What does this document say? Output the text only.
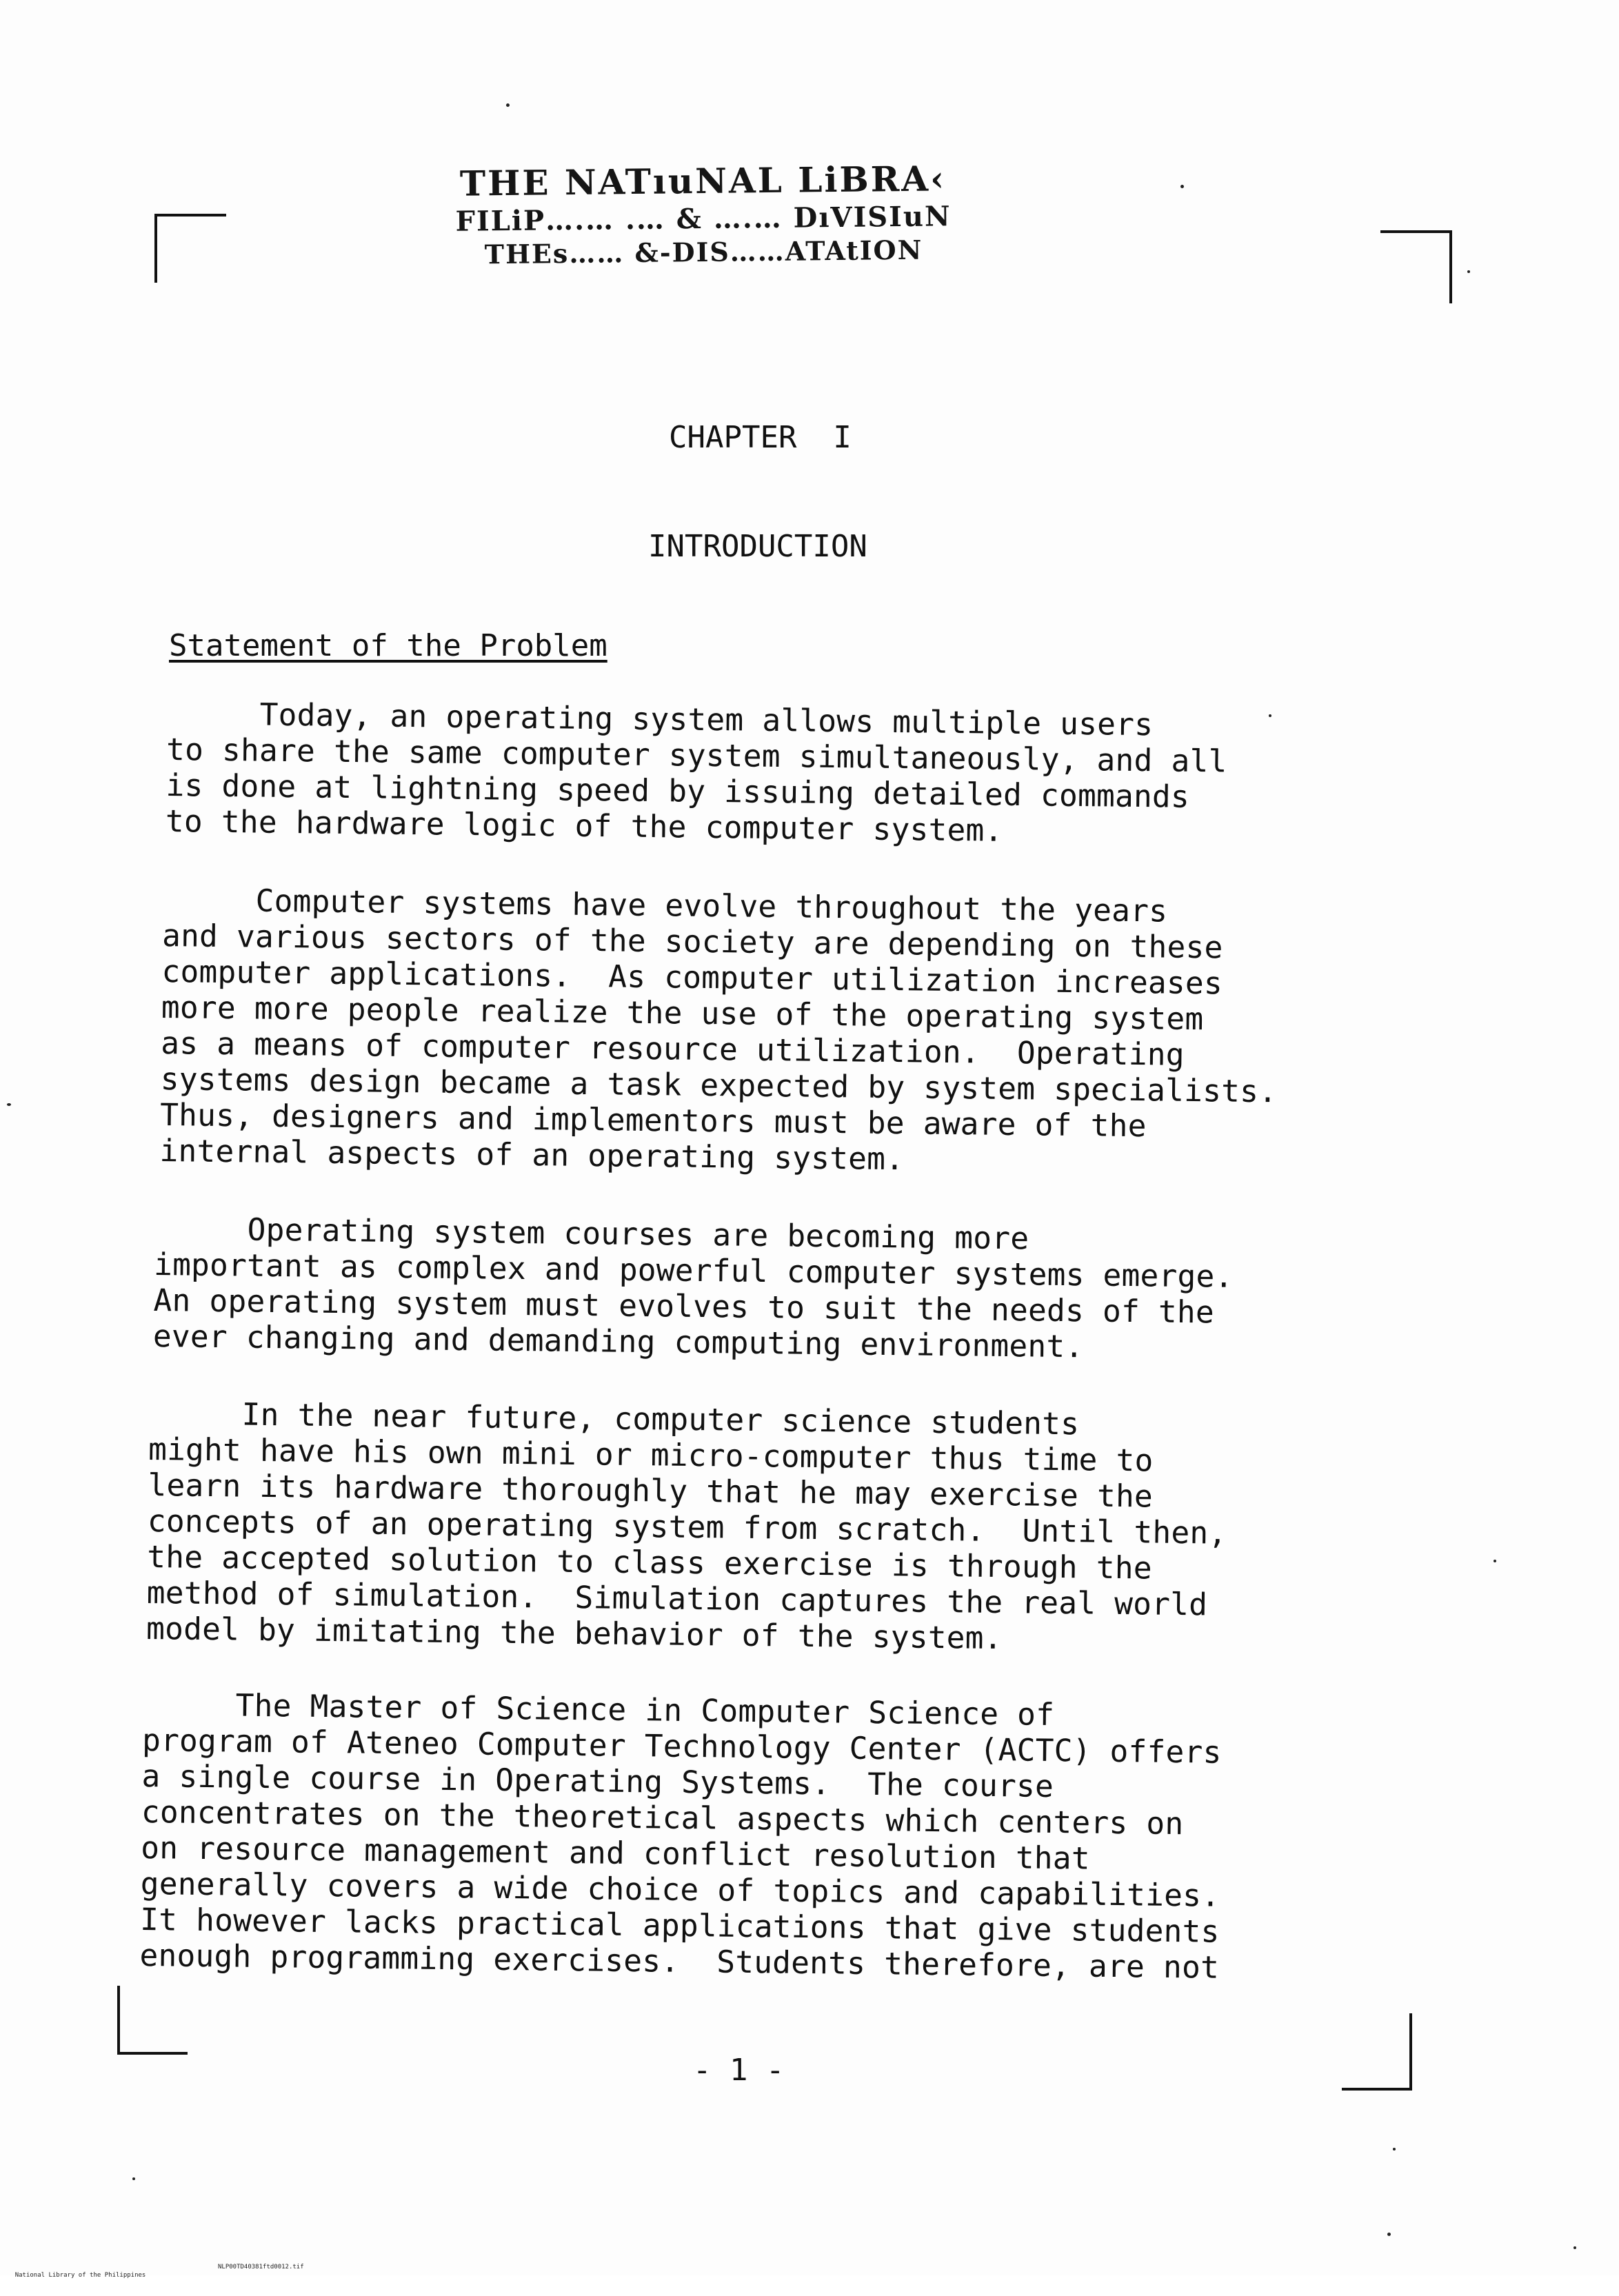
THE NATıuNAL LiBRA‹
FILiP….… .… & ….… DıVISIuN
THEs…… &‐DIS……ATAtION
CHAPTER  I
INTRODUCTION
Statement of the Problem
Today, an operating system allows multiple users
to share the same computer system simultaneously, and all
is done at lightning speed by issuing detailed commands
to the hardware logic of the computer system.
Computer systems have evolve throughout the years
and various sectors of the society are depending on these
computer applications.  As computer utilization increases
more more people realize the use of the operating system
as a means of computer resource utilization.  Operating
systems design became a task expected by system specialists.
Thus, designers and implementors must be aware of the
internal aspects of an operating system.
Operating system courses are becoming more
important as complex and powerful computer systems emerge.
An operating system must evolves to suit the needs of the
ever changing and demanding computing environment.
In the near future, computer science students
might have his own mini or micro-computer thus time to
learn its hardware thoroughly that he may exercise the
concepts of an operating system from scratch.  Until then,
the accepted solution to class exercise is through the
method of simulation.  Simulation captures the real world
model by imitating the behavior of the system.
The Master of Science in Computer Science of
program of Ateneo Computer Technology Center (ACTC) offers
a single course in Operating Systems.  The course
concentrates on the theoretical aspects which centers on
on resource management and conflict resolution that
generally covers a wide choice of topics and capabilities.
It however lacks practical applications that give students
enough programming exercises.  Students therefore, are not
- 1 -

National Library of the Philippines

NLP00TD40381ftd0012.tif
